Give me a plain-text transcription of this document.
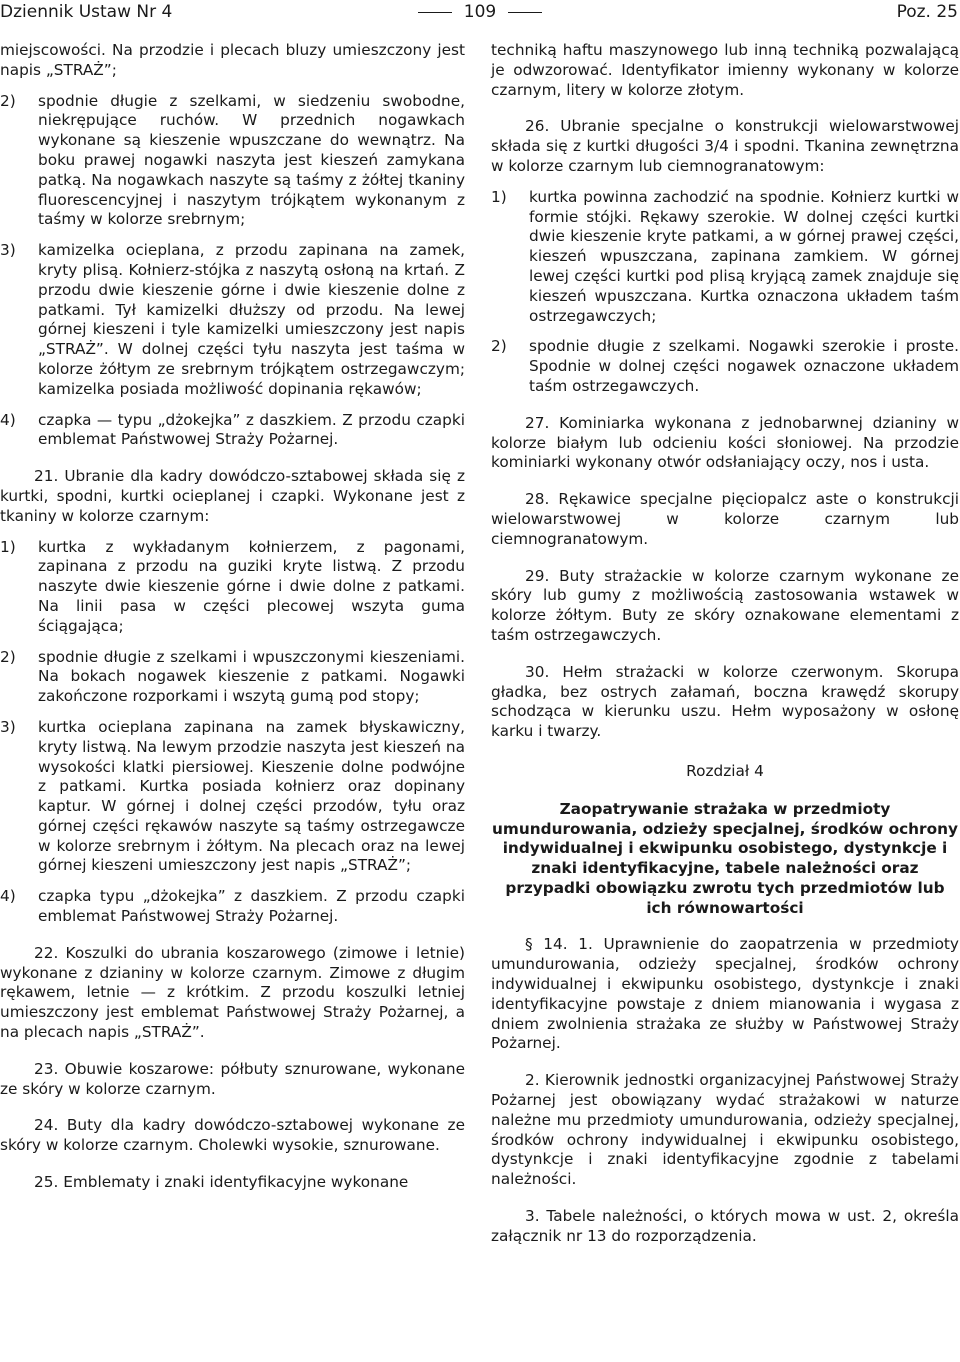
Dziennik Ustaw Nr 4	109	Poz. 25

miejscowości. Na przodzie i plecach bluzy umieszczony jest napis „STRAŻ”;

2) spodnie długie z szelkami, w siedzeniu swobodne, niekrępujące ruchów. W przednich nogawkach wykonane są kieszenie wpuszczane do wewnątrz. Na boku prawej nogawki naszyta jest kieszeń zamykana patką. Na nogawkach naszyte są taśmy z żółtej tkaniny fluorescencyjnej i naszytym trójkątem wykonanym z taśmy w kolorze srebrnym;
3) kamizelka ocieplana, z przodu zapinana na zamek, kryty plisą. Kołnierz-stójka z naszytą osłoną na krtań. Z przodu dwie kieszenie górne i dwie kieszenie dolne z patkami. Tył kamizelki dłuższy od przodu. Na lewej górnej kieszeni i tyle kamizelki umieszczony jest napis „STRAŻ”. W dolnej części tyłu naszyta jest taśma w kolorze żółtym ze srebrnym trójkątem ostrzegawczym; kamizelka posiada możliwość dopinania rękawów;
4) czapka — typu „dżokejka” z daszkiem. Z przodu czapki emblemat Państwowej Straży Pożarnej.

21. Ubranie dla kadry dowódczo-sztabowej składa się z kurtki, spodni, kurtki ocieplanej i czapki. Wykonane jest z tkaniny w kolorze czarnym:

1) kurtka z wykładanym kołnierzem, z pagonami, zapinana z przodu na guziki kryte listwą. Z przodu naszyte dwie kieszenie górne i dwie dolne z patkami. Na linii pasa w części plecowej wszyta guma ściągająca;
2) spodnie długie z szelkami i wpuszczonymi kieszeniami. Na bokach nogawek kieszenie z patkami. Nogawki zakończone rozporkami i wszytą gumą pod stopy;
3) kurtka ocieplana zapinana na zamek błyskawiczny, kryty listwą. Na lewym przodzie naszyta jest kieszeń na wysokości klatki piersiowej. Kieszenie dolne podwójne z patkami. Kurtka posiada kołnierz oraz dopinany kaptur. W górnej i dolnej części przodów, tyłu oraz górnej części rękawów naszyte są taśmy ostrzegawcze w kolorze srebrnym i żółtym. Na plecach oraz na lewej górnej kieszeni umieszczony jest napis „STRAŻ”;
4) czapka typu „dżokejka” z daszkiem. Z przodu czapki emblemat Państwowej Straży Pożarnej.

22. Koszulki do ubrania koszarowego (zimowe i letnie) wykonane z dzianiny w kolorze czarnym. Zimowe z długim rękawem, letnie — z krótkim. Z przodu koszulki letniej umieszczony jest emblemat Państwowej Straży Pożarnej, a na plecach napis „STRAŻ”.

23. Obuwie koszarowe: półbuty sznurowane, wykonane ze skóry w kolorze czarnym.

24. Buty dla kadry dowódczo-sztabowej wykonane ze skóry w kolorze czarnym. Cholewki wysokie, sznurowane.

25. Emblematy i znaki identyfikacyjne wykonane

techniką haftu maszynowego lub inną techniką pozwalającą je odwzorować. Identyfikator imienny wykonany w kolorze czarnym, litery w kolorze złotym.

26. Ubranie specjalne o konstrukcji wielowarstwowej składa się z kurtki długości 3/4 i spodni. Tkanina zewnętrzna w kolorze czarnym lub ciemnogranatowym:

1) kurtka powinna zachodzić na spodnie. Kołnierz kurtki w formie stójki. Rękawy szerokie. W dolnej części kurtki dwie kieszenie kryte patkami, a w górnej prawej części, kieszeń wpuszczana, zapinana zamkiem. W górnej lewej części kurtki pod plisą kryjącą zamek znajduje się kieszeń wpuszczana. Kurtka oznaczona układem taśm ostrzegawczych;
2) spodnie długie z szelkami. Nogawki szerokie i proste. Spodnie w dolnej części nogawek oznaczone układem taśm ostrzegawczych.

27. Kominiarka wykonana z jednobarwnej dzianiny w kolorze białym lub odcieniu kości słoniowej. Na przodzie kominiarki wykonany otwór odsłaniający oczy, nos i usta.

28. Rękawice specjalne pięciopalcz aste o konstrukcji wielowarstwowej w kolorze czarnym lub ciemnogranatowym.

29. Buty strażackie w kolorze czarnym wykonane ze skóry lub gumy z możliwością zastosowania wstawek w kolorze żółtym. Buty ze skóry oznakowane elementami z taśm ostrzegawczych.

30. Hełm strażacki w kolorze czerwonym. Skorupa gładka, bez ostrych załamań, boczna krawędź skorupy schodząca w kierunku uszu. Hełm wyposażony w osłonę karku i twarzy.

Rozdział 4

Zaopatrywanie strażaka w przedmioty umundurowania, odzieży specjalnej, środków ochrony indywidualnej i ekwipunku osobistego, dystynkcje i znaki identyfikacyjne, tabele należności oraz przypadki obowiązku zwrotu tych przedmiotów lub ich równowartości

§ 14. 1. Uprawnienie do zaopatrzenia w przedmioty umundurowania, odzieży specjalnej, środków ochrony indywidualnej i ekwipunku osobistego, dystynkcje i znaki identyfikacyjne powstaje z dniem mianowania i wygasa z dniem zwolnienia strażaka ze służby w Państwowej Straży Pożarnej.

2. Kierownik jednostki organizacyjnej Państwowej Straży Pożarnej jest obowiązany wydać strażakowi w naturze należne mu przedmioty umundurowania, odzieży specjalnej, środków ochrony indywidualnej i ekwipunku osobistego, dystynkcje i znaki identyfikacyjne zgodnie z tabelami należności.

3. Tabele należności, o których mowa w ust. 2, określa załącznik nr 13 do rozporządzenia.
